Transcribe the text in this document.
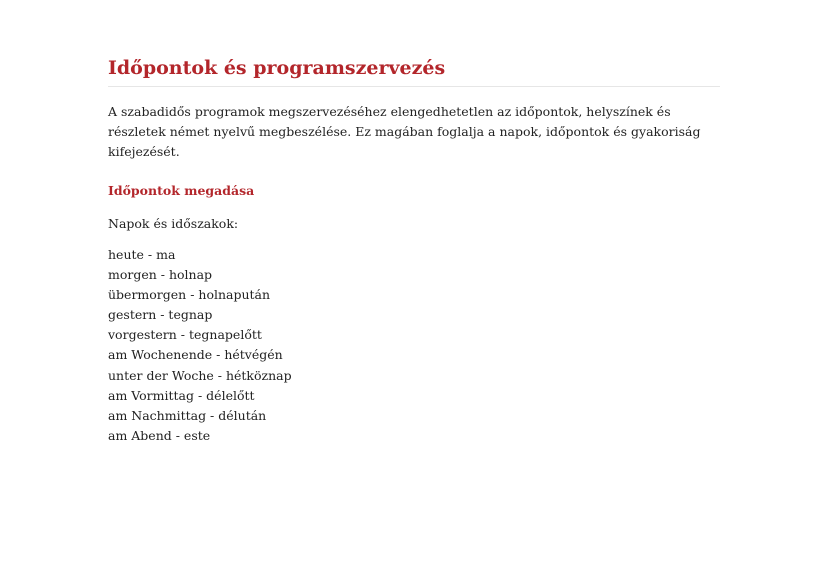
Időpontok és programszervezés

A szabadidős programok megszervezéséhez elengedhetetlen az időpontok, helyszínek és részletek német nyelvű megbeszélése. Ez magában foglalja a napok, időpontok és gyakoriság kifejezését.

Időpontok megadása

Napok és időszakok:

heute - ma
morgen - holnap
übermorgen - holnapután
gestern - tegnap
vorgestern - tegnapelőtt
am Wochenende - hétvégén
unter der Woche - hétköznap
am Vormittag - délelőtt
am Nachmittag - délután
am Abend - este
